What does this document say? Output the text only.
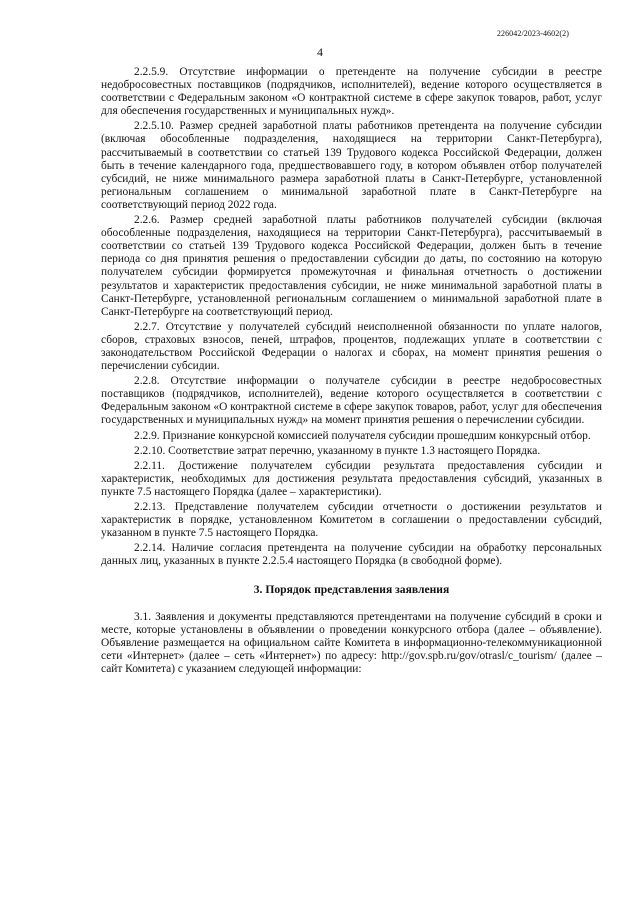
226042/2023-4602(2)
4

2.2.5.9. Отсутствие информации о претенденте на получение субсидии в реестре недобросовестных поставщиков (подрядчиков, исполнителей), ведение которого осуществляется в соответствии с Федеральным законом «О контрактной системе в сфере закупок товаров, работ, услуг для обеспечения государственных и муниципальных нужд».

2.2.5.10. Размер средней заработной платы работников претендента на получение субсидии (включая обособленные подразделения, находящиеся на территории Санкт-Петербурга), рассчитываемый в соответствии со статьей 139 Трудового кодекса Российской Федерации, должен быть в течение календарного года, предшествовавшего году, в котором объявлен отбор получателей субсидий, не ниже минимального размера заработной платы в Санкт-Петербурге, установленной региональным соглашением о минимальной заработной плате в Санкт-Петербурге на соответствующий период 2022 года.

2.2.6. Размер средней заработной платы работников получателей субсидии (включая обособленные подразделения, находящиеся на территории Санкт-Петербурга), рассчитываемый в соответствии со статьей 139 Трудового кодекса Российской Федерации, должен быть в течение периода со дня принятия решения о предоставлении субсидии до даты, по состоянию на которую получателем субсидии формируется промежуточная и финальная отчетность о достижении результатов и характеристик предоставления субсидии, не ниже минимальной заработной платы в Санкт-Петербурге, установленной региональным соглашением о минимальной заработной плате в Санкт-Петербурге на соответствующий период.

2.2.7. Отсутствие у получателей субсидий неисполненной обязанности по уплате налогов, сборов, страховых взносов, пеней, штрафов, процентов, подлежащих уплате в соответствии с законодательством Российской Федерации о налогах и сборах, на момент принятия решения о перечислении субсидии.

2.2.8. Отсутствие информации о получателе субсидии в реестре недобросовестных поставщиков (подрядчиков, исполнителей), ведение которого осуществляется в соответствии с Федеральным законом «О контрактной системе в сфере закупок товаров, работ, услуг для обеспечения государственных и муниципальных нужд» на момент принятия решения о перечислении субсидии.

2.2.9. Признание конкурсной комиссией получателя субсидии прошедшим конкурсный отбор.

2.2.10. Соответствие затрат перечню, указанному в пункте 1.3 настоящего Порядка.

2.2.11. Достижение получателем субсидии результата предоставления субсидии и характеристик, необходимых для достижения результата предоставления субсидий, указанных в пункте 7.5 настоящего Порядка (далее – характеристики).

2.2.13. Представление получателем субсидии отчетности о достижении результатов и характеристик в порядке, установленном Комитетом в соглашении о предоставлении субсидий, указанном в пункте 7.5 настоящего Порядка.

2.2.14. Наличие согласия претендента на получение субсидии на обработку персональных данных лиц, указанных в пункте 2.2.5.4 настоящего Порядка (в свободной форме).

3. Порядок представления заявления

3.1. Заявления и документы представляются претендентами на получение субсидий в сроки и месте, которые установлены в объявлении о проведении конкурсного отбора (далее – объявление). Объявление размещается на официальном сайте Комитета в информационно-телекоммуникационной сети «Интернет» (далее – сеть «Интернет») по адресу: http://gov.spb.ru/gov/otrasl/c_tourism/ (далее – сайт Комитета) с указанием следующей информации:
